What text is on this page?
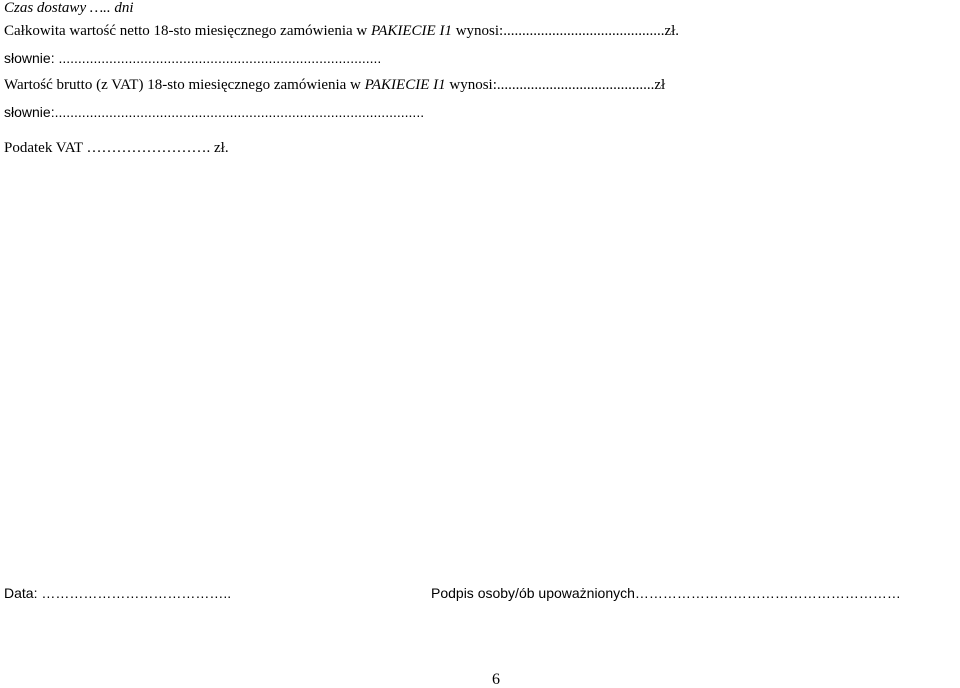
Czas dostawy ….. dni
Całkowita wartość netto 18-sto miesięcznego zamówienia w PAKIECIE I1 wynosi:...........................................zł.
słownie: ...................................................................................
Wartość brutto (z VAT) 18-sto miesięcznego zamówienia w PAKIECIE I1 wynosi:..........................................zł
słownie:...............................................................................................
Podatek VAT ……………………. zł.
Data: …………………………………..	Podpis osoby/ób upoważnionych…………………………………………………
6
